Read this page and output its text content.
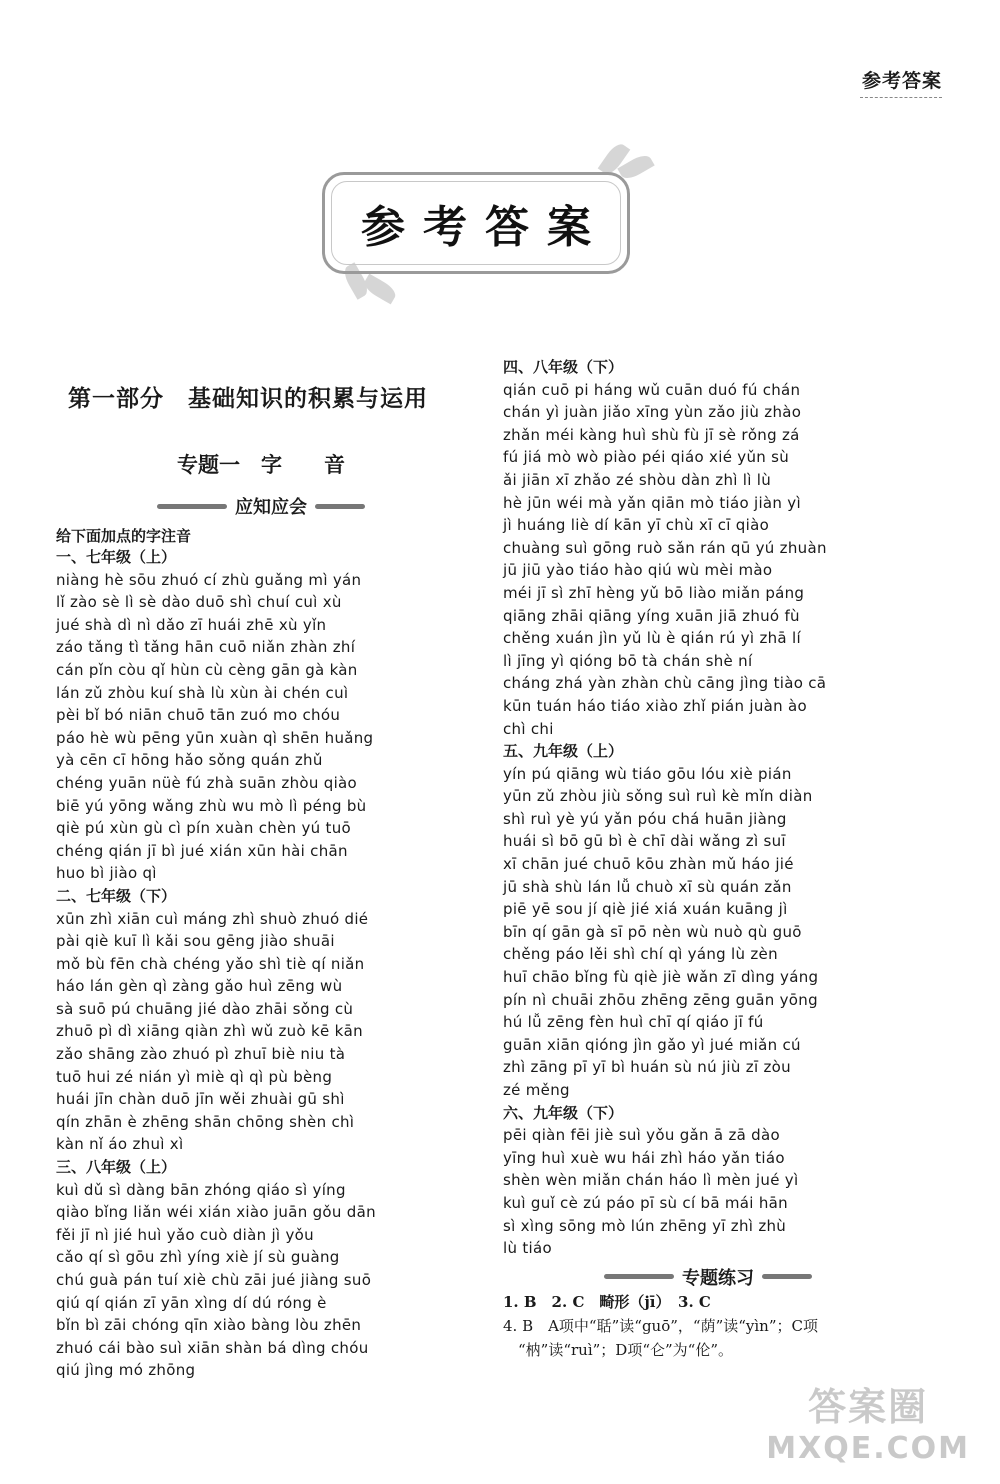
参考答案
参考答案
第一部分　基础知识的积累与运用
专题一　字　　音
应知应会
给下面加点的字注音
一、七年级（上）
niàng hè sōu zhuó cí zhù guǎng mì yán
lǐ zào sè lì sè dào duō shì chuí cuì xù
jué shà dì nì dǎo zī huái zhē xù yǐn
záo tǎng tì tǎng hān cuō niǎn zhàn zhí
cán pǐn còu qǐ hùn cù cèng gān gà kàn
lán zǔ zhòu kuí shà lù xùn ài chén cuì
pèi bǐ bó niān chuō tān zuó mo chóu
páo hè wù pēng yūn xuàn qì shēn huǎng
yà cēn cī hōng hǎo sǒng quán zhǔ
chéng yuān nüè fú zhà suān zhòu qiào
biē yú yōng wǎng zhù wu mò lì péng bù
qiè pú xùn gù cì pín xuàn chèn yú tuō
chéng qián jī bì jué xián xūn hài chān
huo bì jiào qì
二、七年级（下）
xūn zhì xiān cuì máng zhì shuò zhuó dié
pài qiè kuī lì kǎi sou gēng jiào shuāi
mǒ bù fēn chà chéng yǎo shì tiè qí niǎn
háo lán gèn qì zàng gǎo huì zēng wù
sà suō pú chuāng jié dào zhāi sǒng cù
zhuō pì dì xiāng qiàn zhì wǔ zuò kē kān
zǎo shāng zào zhuó pì zhuī biè niu tà
tuō hui zé nián yì miè qì qì pù bèng
huái jīn chàn duō jīn wěi zhuài gū shì
qín zhān è zhēng shān chōng shèn chì
kàn nǐ áo zhuì xì
三、八年级（上）
kuì dǔ sì dàng bān zhóng qiáo sì yíng
qiào bǐng liǎn wéi xián xiào juān gǒu dān
fěi jī nì jié huì yǎo cuò diàn jì yǒu
cǎo qí sì gōu zhì yíng xiè jí sù guàng
chú guà pán tuí xiè chù zāi jué jiàng suō
qiú qí qián zī yān xìng dí dú róng è
bǐn bì zāi chóng qīn xiào bàng lòu zhēn
zhuó cái bào suì xiān shàn bá dìng chóu
qiú jìng mó zhōng
四、八年级（下）
qián cuō pi háng wǔ cuān duó fú chán
chán yì juàn jiǎo xīng yùn zǎo jiù zhào
zhǎn méi kàng huì shù fù jī sè rǒng zá
fú jiá mò wò piào péi qiáo xié yǔn sù
ǎi jiān xī zhǎo zé shòu dàn zhì lì lù
hè jūn wéi mà yǎn qiān mò tiáo jiàn yì
jì huáng liè dí kān yī chù xī cī qiào
chuàng suì gōng ruò sǎn rán qū yú zhuàn
jū jiū yào tiáo hào qiú wù mèi mào
méi jī sì zhī hèng yǔ bō liào miǎn páng
qiāng zhāi qiāng yíng xuān jiā zhuó fù
chěng xuán jìn yǔ lù è qián rú yì zhā lí
lì jīng yì qióng bō tà chán shè ní
cháng zhá yàn zhàn chù cāng jìng tiào cā
kūn tuán háo tiáo xiào zhǐ pián juàn ào
chì chi
五、九年级（上）
yín pú qiāng wù tiáo gōu lóu xiè pián
yūn zǔ zhòu jiù sǒng suì ruì kè mǐn diàn
shì ruì yè yú yǎn póu chá huān jiàng
huái sì bō gū bì è chī dài wǎng zì suī
xī chān jué chuō kōu zhàn mǔ háo jié
jū shà shù lán lǚ chuò xī sù quán zǎn
piē yē sou jí qiè jié xiá xuán kuāng jì
bīn qí gān gà sī pō nèn wù nuò qù guō
chěng páo lěi shì chí qì yáng lù zèn
huī chāo bǐng fù qiè jiè wǎn zī dìng yáng
pín nì chuāi zhōu zhēng zēng guān yōng
hú lǚ zēng fèn huì chī qí qiáo jī fú
guān xiān qióng jìn gǎo yì jué miǎn cú
zhì zāng pī yī bì huán sù nú jiù zī zòu
zé měng
六、九年级（下）
pēi qiàn fēi jiè suì yǒu gǎn ā zā dào
yīng huì xuè wu hái zhì háo yǎn tiáo
shèn wèn miǎn chán háo lì mèn jué yì
kuì guǐ cè zú páo pī sù cí bā mái hān
sì xìng sōng mò lún zhēng yī zhì zhù
lù tiáo
专题练习
1. B　2. C　畸形（jī）　3. C
4. B　A项中“聒”读“guō”，“荫”读“yìn”；C项
　“枘”读“ruì”；D项“仑”为“伦”。
答案圈
MXQE.COM
